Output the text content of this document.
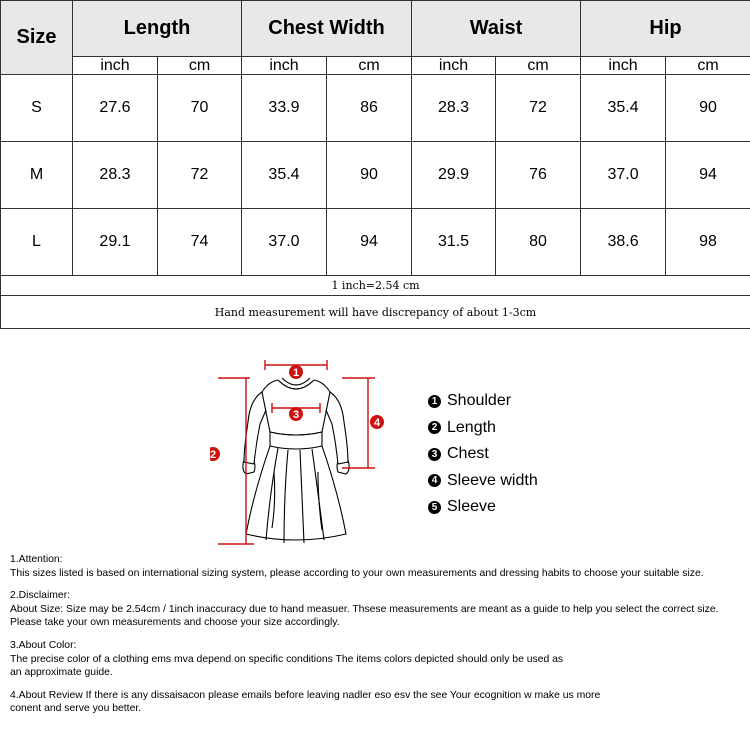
Size	Length		Chest Width		Waist		Hip	
	inch	cm	inch	cm	inch	cm	inch	cm
S	27.6	70	33.9	86	28.3	72	35.4	90
M	28.3	72	35.4	90	29.9	76	37.0	94
L	29.1	74	37.0	94	31.5	80	38.6	98
1 inch=2.54 cm								
Hand measurement will have discrepancy of about 1-3cm								
1
3
2
4
1 Shoulder
2 Length
3 Chest
4 Sleeve width
5 Sleeve

1.Attention:

This sizes listed is based on international sizing system, please according to your own measurements and dressing habits to choose your suitable size.

2.Disclaimer:

About Size: Size may be 2.54cm / 1inch inaccuracy due to hand measuer. Thsese measurements are meant as a guide to help you select the correct size.

Please take your own measurements and choose your size accordingly.

3.About Color:

The precise color of a clothing ems mva depend on specific conditions The items colors depicted should only be used as

an approximate guide.

4.About Review If there is any dissaisacon please emails before leaving nadler eso esv the see Your ecognition w make us more

conent and serve you better.
